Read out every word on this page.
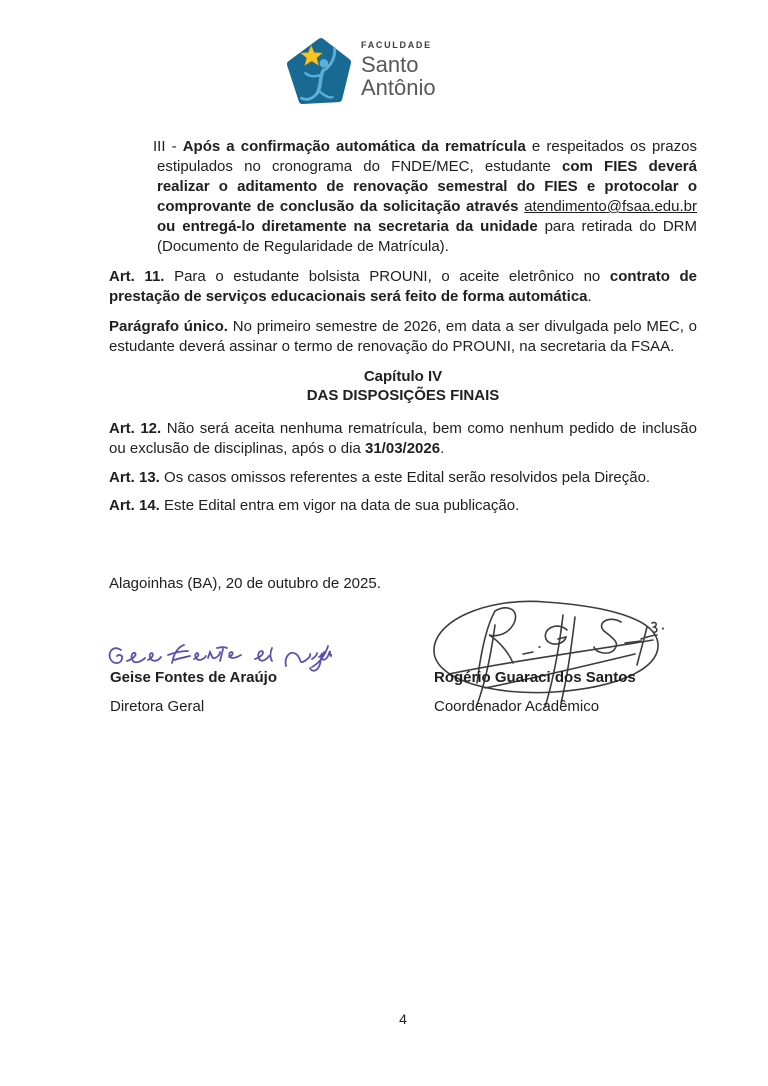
FACULDADE
Santo
Antônio

III - Após a confirmação automática da rematrícula e respeitados os prazos estipulados no cronograma do FNDE/MEC, estudante com FIES deverá realizar o aditamento de renovação semestral do FIES e protocolar o comprovante de conclusão da solicitação através atendimento@fsaa.edu.br ou entregá-lo diretamente na secretaria da unidade para retirada do DRM (Documento de Regularidade de Matrícula).

Art. 11. Para o estudante bolsista PROUNI, o aceite eletrônico no contrato de prestação de serviços educacionais será feito de forma automática.

Parágrafo único. No primeiro semestre de 2026, em data a ser divulgada pelo MEC, o estudante deverá assinar o termo de renovação do PROUNI, na secretaria da FSAA.

Capítulo IV
DAS DISPOSIÇÕES FINAIS

Art. 12. Não será aceita nenhuma rematrícula, bem como nenhum pedido de inclusão ou exclusão de disciplinas, após o dia 31/03/2026.

Art. 13. Os casos omissos referentes a este Edital serão resolvidos pela Direção.

Art. 14. Este Edital entra em vigor na data de sua publicação.

Alagoinhas (BA), 20 de outubro de 2025.

Geise Fontes de Araújo
Diretora Geral
Rogério Guaraci dos Santos
Coordenador Acadêmico
4
